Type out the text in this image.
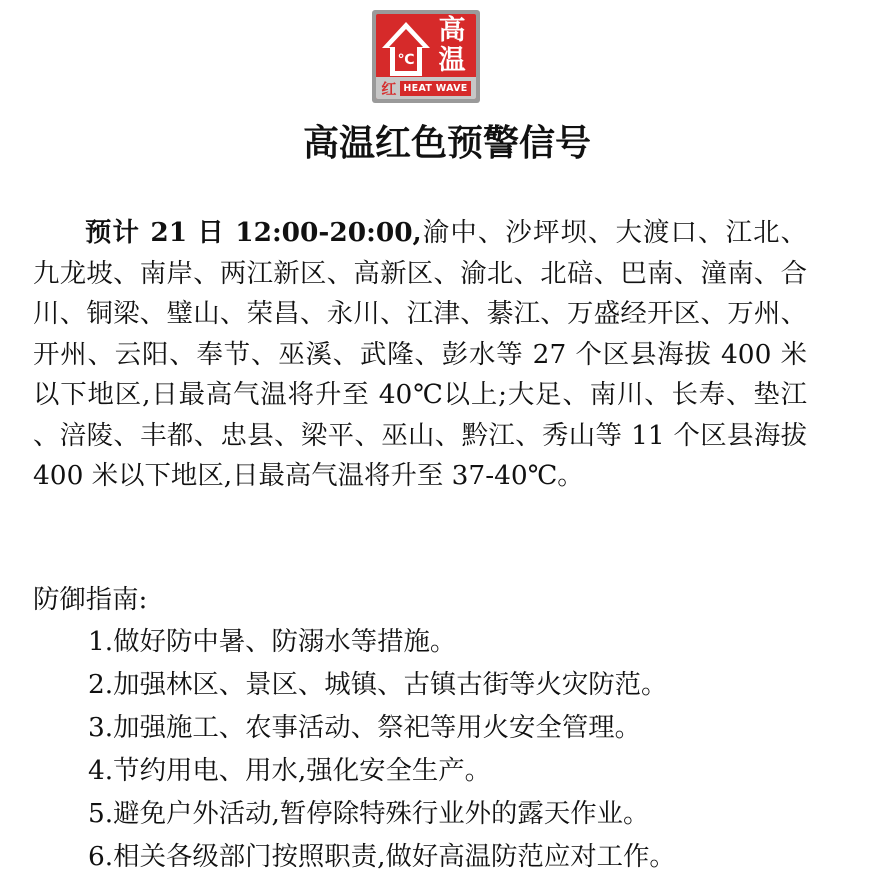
℃
高
温
红 HEAT WAVE
高温红色预警信号

预计 21 日 12:00-20:00,渝中、沙坪坝、大渡口、江北、九龙坡、南岸、两江新区、高新区、渝北、北碚、巴南、潼南、合川、铜梁、璧山、荣昌、永川、江津、綦江、万盛经开区、万州、开州、云阳、奉节、巫溪、武隆、彭水等 27 个区县海拔 400 米以下地区,日最高气温将升至 40℃以上;大足、南川、长寿、垫江、涪陵、丰都、忠县、梁平、巫山、黔江、秀山等 11 个区县海拔 400 米以下地区,日最高气温将升至 37-40℃。

防御指南:

1.做好防中暑、防溺水等措施。
2.加强林区、景区、城镇、古镇古街等火灾防范。
3.加强施工、农事活动、祭祀等用火安全管理。
4.节约用电、用水,强化安全生产。
5.避免户外活动,暂停除特殊行业外的露天作业。
6.相关各级部门按照职责,做好高温防范应对工作。
